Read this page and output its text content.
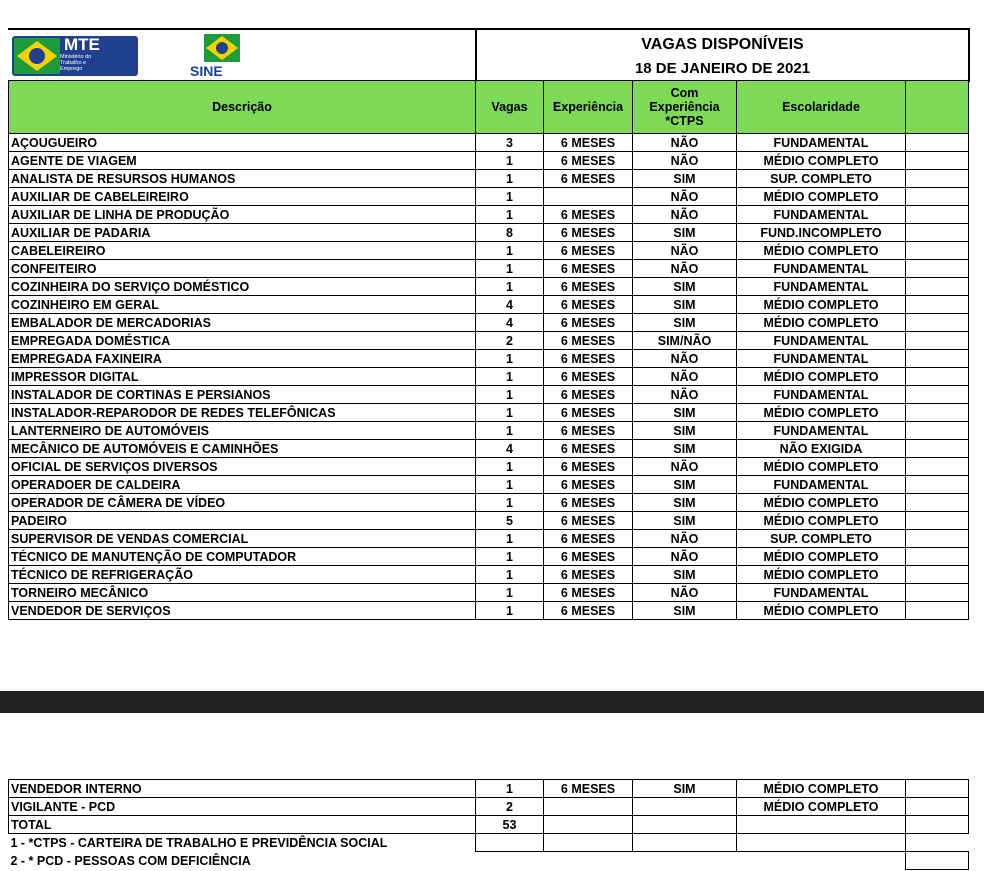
MTE
Ministério do Trabalho e Emprego	SINE
VAGAS DISPONÍVEIS
18 DE JANEIRO DE 2021
Descrição	Vagas	Experiência	Com Experiência *CTPS	Escolaridade	
AÇOUGUEIRO	3	6 MESES	NÃO	FUNDAMENTAL	
AGENTE DE VIAGEM	1	6 MESES	NÃO	MÉDIO COMPLETO	
ANALISTA DE RESURSOS HUMANOS	1	6 MESES	SIM	SUP. COMPLETO	
AUXILIAR DE CABELEIREIRO	1		NÃO	MÉDIO COMPLETO	
AUXILIAR DE LINHA DE PRODUÇÃO	1	6 MESES	NÃO	FUNDAMENTAL	
AUXILIAR DE PADARIA	8	6 MESES	SIM	FUND.INCOMPLETO	
CABELEIREIRO	1	6 MESES	NÃO	MÉDIO COMPLETO	
CONFEITEIRO	1	6 MESES	NÃO	FUNDAMENTAL	
COZINHEIRA DO SERVIÇO DOMÉSTICO	1	6 MESES	SIM	FUNDAMENTAL	
COZINHEIRO EM GERAL	4	6 MESES	SIM	MÉDIO COMPLETO	
EMBALADOR DE MERCADORIAS	4	6 MESES	SIM	MÉDIO COMPLETO	
EMPREGADA DOMÉSTICA	2	6 MESES	SIM/NÃO	FUNDAMENTAL	
EMPREGADA FAXINEIRA	1	6 MESES	NÃO	FUNDAMENTAL	
IMPRESSOR DIGITAL	1	6 MESES	NÃO	MÉDIO COMPLETO	
INSTALADOR DE CORTINAS E PERSIANOS	1	6 MESES	NÃO	FUNDAMENTAL	
INSTALADOR-REPARODOR DE REDES TELEFÔNICAS	1	6 MESES	SIM	MÉDIO COMPLETO	
LANTERNEIRO DE AUTOMÓVEIS	1	6 MESES	SIM	FUNDAMENTAL	
MECÂNICO DE AUTOMÓVEIS E CAMINHÕES	4	6 MESES	SIM	NÃO EXIGIDA	
OFICIAL DE SERVIÇOS DIVERSOS	1	6 MESES	NÃO	MÉDIO COMPLETO	
OPERADOER DE CALDEIRA	1	6 MESES	SIM	FUNDAMENTAL	
OPERADOR DE CÂMERA DE VÍDEO	1	6 MESES	SIM	MÉDIO COMPLETO	
PADEIRO	5	6 MESES	SIM	MÉDIO COMPLETO	
SUPERVISOR DE VENDAS COMERCIAL	1	6 MESES	NÃO	SUP. COMPLETO	
TÉCNICO DE MANUTENÇÃO DE COMPUTADOR	1	6 MESES	NÃO	MÉDIO COMPLETO	
TÉCNICO DE REFRIGERAÇÃO	1	6 MESES	SIM	MÉDIO COMPLETO	
TORNEIRO MECÂNICO	1	6 MESES	NÃO	FUNDAMENTAL	
VENDEDOR DE SERVIÇOS	1	6 MESES	SIM	MÉDIO COMPLETO	
VENDEDOR INTERNO	1	6 MESES	SIM	MÉDIO COMPLETO	
VIGILANTE - PCD	2			MÉDIO COMPLETO	
TOTAL	53				
1 - *CTPS - CARTEIRA DE TRABALHO E PREVIDÊNCIA SOCIAL					
2 - * PCD - PESSOAS COM DEFICIÊNCIA					
